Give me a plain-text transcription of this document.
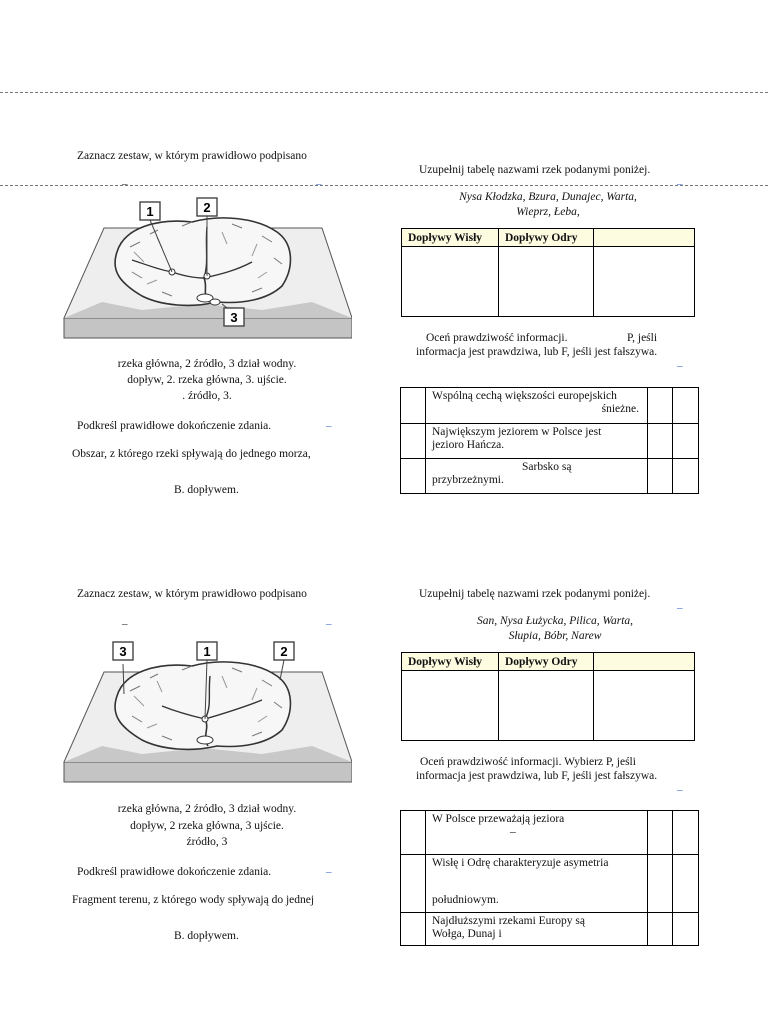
Zaznacz zestaw, w którym prawidłowo podpisano
–	–
1	2
3
rzeka główna, 2 źródło, 3 dział wodny.
dopływ, 2. rzeka główna, 3. ujście.
. źródło, 3.
Podkreśl prawidłowe dokończenie zdania.	–
Obszar, z którego rzeki spływają do jednego morza,
B. dopływem.
Uzupełnij tabelę nazwami rzek podanymi poniżej.
–
Nysa Kłodzka, Bzura, Dunajec, Warta,
Wieprz, Łeba,
Dopływy Wisły	Dopływy Odry	

Oceń prawdziwość informacji.	P, jeśli
informacja jest prawdziwa, lub F, jeśli jest fałszywa.
–

	Wspólną cechą większości europejskich
śnieżne.		

	Największym jeziorem w Polsce jest
jezioro Hańcza.		

	Sarbsko są
przybrzeżnymi.		

Zaznacz zestaw, w którym prawidłowo podpisano
–	–
3	1	2
rzeka główna, 2 źródło, 3 dział wodny.
dopływ, 2 rzeka główna, 3 ujście.
źródło, 3
Podkreśl prawidłowe dokończenie zdania.	–
Fragment terenu, z którego wody spływają do jednej
B. dopływem.
Uzupełnij tabelę nazwami rzek podanymi poniżej.
–
San, Nysa Łużycka, Pilica, Warta,
Słupia, Bóbr, Narew
Dopływy Wisły	Dopływy Odry	

Oceń prawdziwość informacji. Wybierz P, jeśli
informacja jest prawdziwa, lub F, jeśli jest fałszywa.
–

	W Polsce przeważają jeziora
–		

	Wisłę i Odrę charakteryzuje asymetria
południowym.		

	Najdłuższymi rzekami Europy są
Wołga, Dunaj i		
